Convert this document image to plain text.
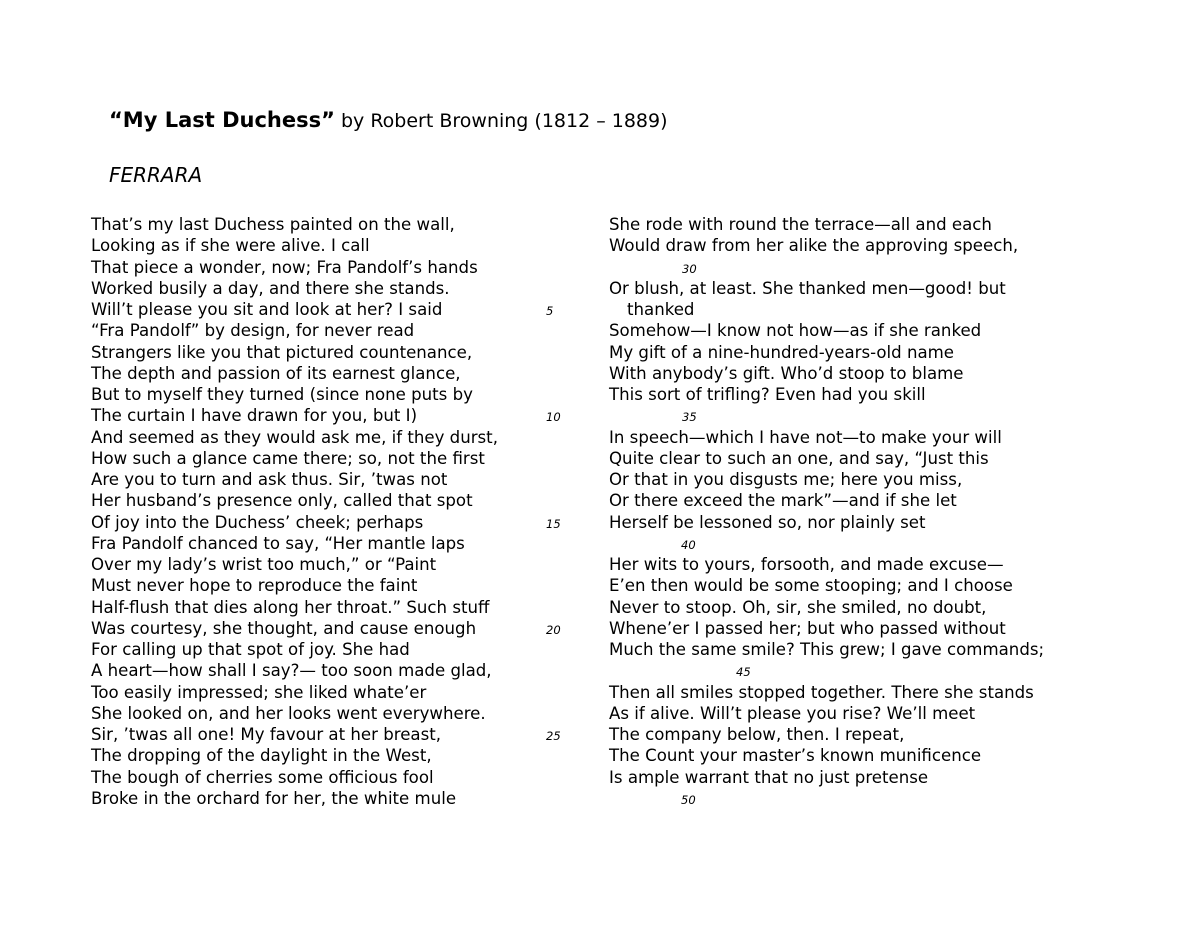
“My Last Duchess” by Robert Browning (1812 – 1889)
FERRARA
That’s my last Duchess painted on the wall,
Looking as if she were alive. I call
That piece a wonder, now; Fra Pandolf’s hands
Worked busily a day, and there she stands.
Will’t please you sit and look at her? I said	5
“Fra Pandolf” by design, for never read
Strangers like you that pictured countenance,
The depth and passion of its earnest glance,
But to myself they turned (since none puts by
The curtain I have drawn for you, but I)	10
And seemed as they would ask me, if they durst,
How such a glance came there; so, not the first
Are you to turn and ask thus. Sir, ’twas not
Her husband’s presence only, called that spot
Of joy into the Duchess’ cheek; perhaps	15
Fra Pandolf chanced to say, “Her mantle laps
Over my lady’s wrist too much,” or “Paint
Must never hope to reproduce the faint
Half-flush that dies along her throat.” Such stuff
Was courtesy, she thought, and cause enough	20
For calling up that spot of joy. She had
A heart—how shall I say?— too soon made glad,
Too easily impressed; she liked whate’er
She looked on, and her looks went everywhere.
Sir, ’twas all one! My favour at her breast,	25
The dropping of the daylight in the West,
The bough of cherries some officious fool
Broke in the orchard for her, the white mule
She rode with round the terrace—all and each
Would draw from her alike the approving speech,
30
Or blush, at least. She thanked men—good! but
thanked
Somehow—I know not how—as if she ranked
My gift of a nine-hundred-years-old name
With anybody’s gift. Who’d stoop to blame
This sort of trifling? Even had you skill
35
In speech—which I have not—to make your will
Quite clear to such an one, and say, “Just this
Or that in you disgusts me; here you miss,
Or there exceed the mark”—and if she let
Herself be lessoned so, nor plainly set
40
Her wits to yours, forsooth, and made excuse—
E’en then would be some stooping; and I choose
Never to stoop. Oh, sir, she smiled, no doubt,
Whene’er I passed her; but who passed without
Much the same smile? This grew; I gave commands;
45
Then all smiles stopped together. There she stands
As if alive. Will’t please you rise? We’ll meet
The company below, then. I repeat,
The Count your master’s known munificence
Is ample warrant that no just pretense
50
